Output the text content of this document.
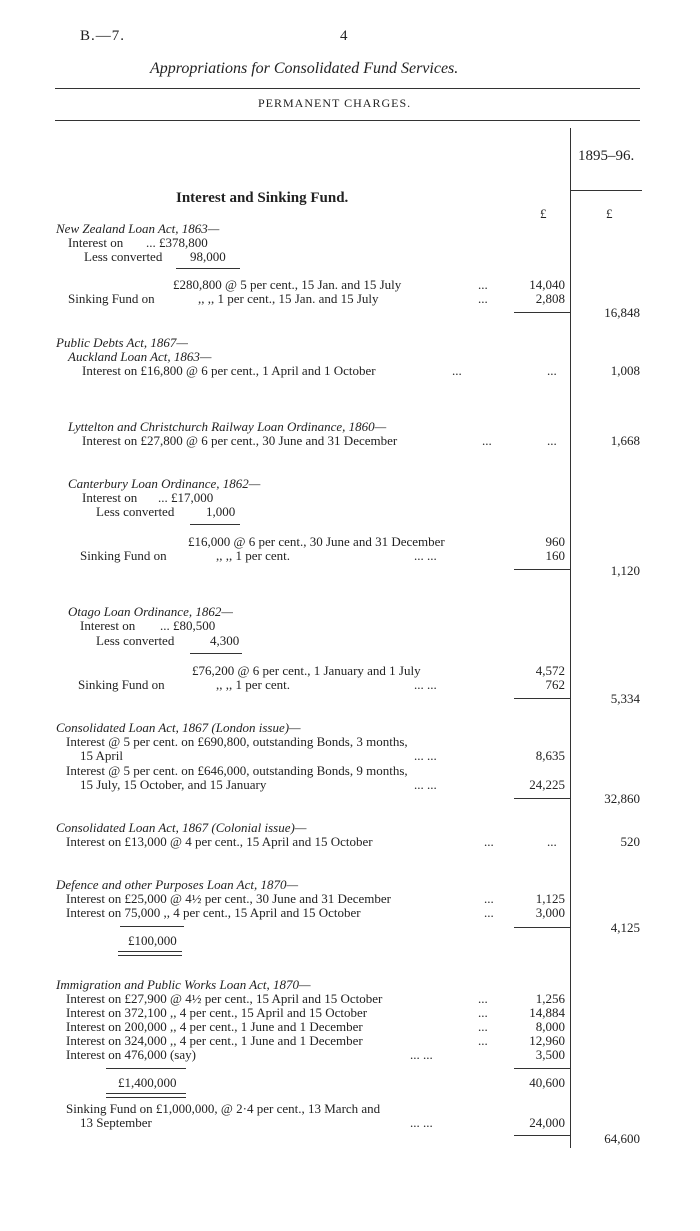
B.—7.	4
Appropriations for Consolidated Fund Services.
PERMANENT CHARGES.
1895–96.
£	£
Interest and Sinking Fund.
New Zealand Loan Act, 1863—
Interest on ... £378,800
Less converted 98,000
£280,800 @ 5 per cent., 15 Jan. and 15 July	...	14,040
Sinking Fund on	,, ,, 1 per cent., 15 Jan. and 15 July	...	2,808
16,848
Public Debts Act, 1867—
Auckland Loan Act, 1863—
Interest on £16,800 @ 6 per cent., 1 April and 1 October	...	...	1,008
Lyttelton and Christchurch Railway Loan Ordinance, 1860—
Interest on £27,800 @ 6 per cent., 30 June and 31 December	...	...	1,668
Canterbury Loan Ordinance, 1862—
Interest on ... £17,000
Less converted 1,000
£16,000 @ 6 per cent., 30 June and 31 December	960
Sinking Fund on	,, ,, 1 per cent.	... ...	160
1,120
Otago Loan Ordinance, 1862—
Interest on ... £80,500
Less converted	4,300
£76,200 @ 6 per cent., 1 January and 1 July	4,572
Sinking Fund on	,, ,, 1 per cent.	... ...	762
5,334
Consolidated Loan Act, 1867 (London issue)—
Interest @ 5 per cent. on £690,800, outstanding Bonds, 3 months,
15 April	... ...	8,635
Interest @ 5 per cent. on £646,000, outstanding Bonds, 9 months,
15 July, 15 October, and 15 January	... ...	24,225
32,860
Consolidated Loan Act, 1867 (Colonial issue)—
Interest on £13,000 @ 4 per cent., 15 April and 15 October	...	...	520
Defence and other Purposes Loan Act, 1870—
Interest on £25,000 @ 4½ per cent., 30 June and 31 December	...	1,125
Interest on 75,000 ,, 4 per cent., 15 April and 15 October	...	3,000
£100,000
4,125
Immigration and Public Works Loan Act, 1870—
Interest on £27,900 @ 4½ per cent., 15 April and 15 October	...	1,256
Interest on 372,100 ,, 4 per cent., 15 April and 15 October	...	14,884
Interest on 200,000 ,, 4 per cent., 1 June and 1 December	...	8,000
Interest on 324,000 ,, 4 per cent., 1 June and 1 December	...	12,960
Interest on 476,000 (say)	... ...	3,500
£1,400,000	40,600
Sinking Fund on £1,000,000, @ 2·4 per cent., 13 March and
13 September	... ...	24,000
64,600
